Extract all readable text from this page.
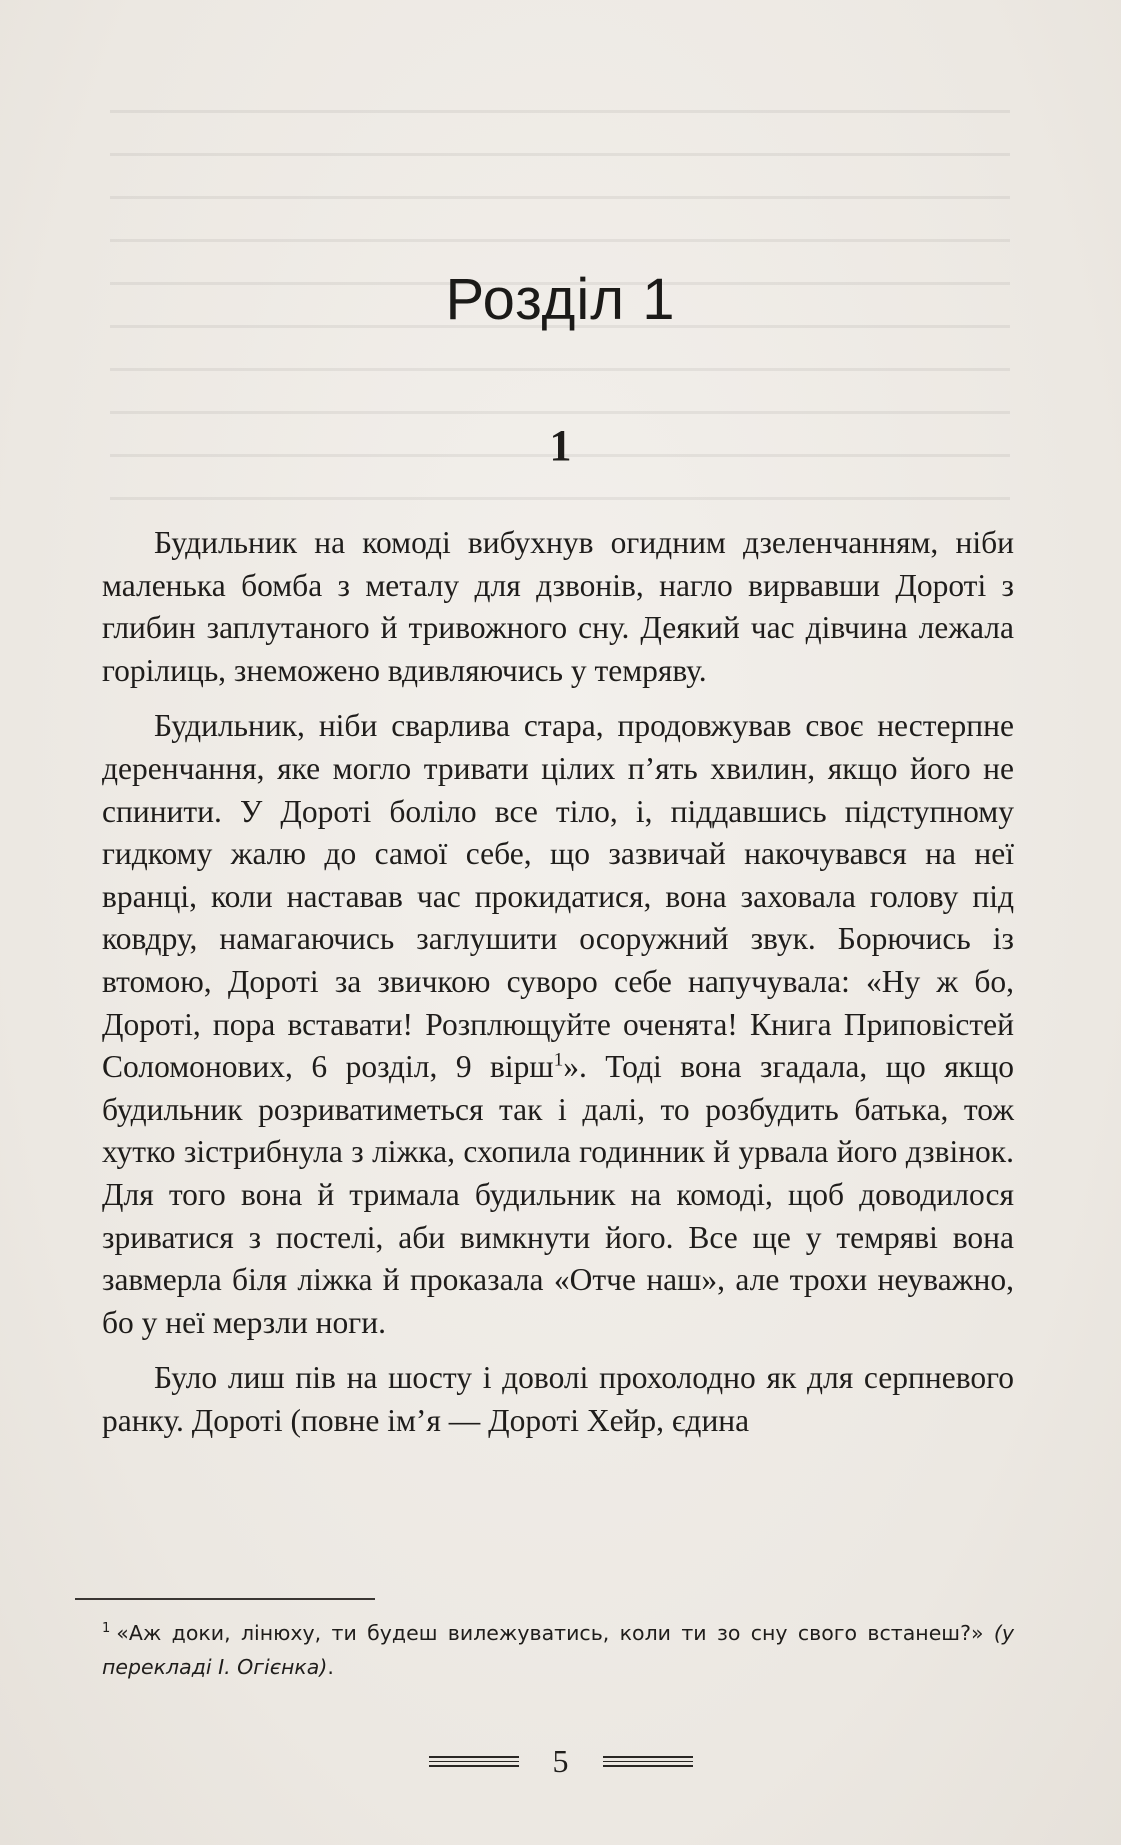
Розділ 1
1

Будильник на комоді вибухнув огидним дзеленчанням, ніби маленька бомба з металу для дзвонів, нагло вирвавши Дороті з глибин заплутаного й тривожного сну. Деякий час дівчина лежала горілиць, знеможено вдивляючись у темряву.

Будильник, ніби сварлива стара, продовжував своє нестерпне деренчання, яке могло тривати цілих п’ять хвилин, якщо його не спинити. У Дороті боліло все тіло, і, піддавшись підступному гидкому жалю до самої себе, що зазвичай накочувався на неї вранці, коли наставав час прокидатися, вона заховала голову під ковдру, намагаючись заглушити осоружний звук. Борючись із втомою, Дороті за звичкою суворо себе напучувала: «Ну ж бо, Дороті, пора вставати! Розплющуйте оченята! Книга Приповістей Соломонових, 6 розділ, 9 вірш$^1$». Тоді вона згадала, що якщо будильник розриватиметься так і далі, то розбудить батька, тож хутко зістрибнула з ліжка, схопила годинник й урвала його дзвінок. Для того вона й тримала будильник на комоді, щоб доводилося зриватися з постелі, аби вимкнути його. Все ще у темряві вона завмерла біля ліжка й проказала «Отче наш», але трохи неуважно, бо у неї мерзли ноги.

Було лиш пів на шосту і доволі прохолодно як для серпневого ранку. Дороті (повне ім’я — Дороті Хейр, єдина

$^1$ «Аж доки, лінюху, ти будеш вилежуватись, коли ти зо сну свого встанеш?» (у перекладі І. Огієнка).
5
